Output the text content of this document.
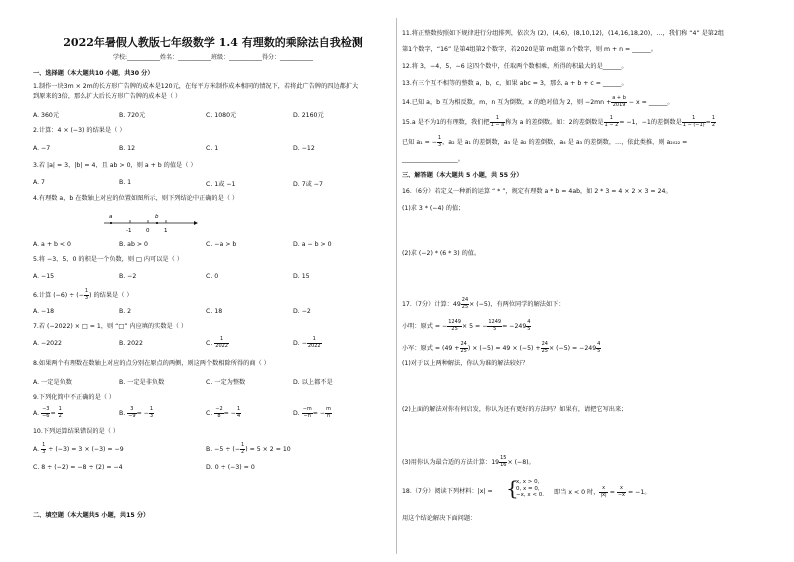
2022年暑假人教版七年级数学 1.4 有理数的乘除法自我检测
学校:___________姓名：___________班级：___________得分：___________
一、选择题（本大题共10 小题，共30 分）
1.制作一块3m × 2m的长方形广告牌的成本是120元，在每平方米制作成本相同的情况下，若将此广告牌的四边都扩大
到原来的3倍，那么扩大后长方形广告牌的成本是（ ）
A. 360元	B. 720元	C. 1080元	D. 2160元
2.计算：4 × (−3) 的结果是（ ）
A. −7	B. 12	C. 1	D. −12
3.若 |a| = 3，|b| = 4，且 ab > 0，则 a + b 的值是（ ）
A. 7	B. 1	C. 1或 −1	D. 7或 −7
4.有理数 a，b 在数轴上对应的位置如图所示，则下列结论中正确的是（ ）
a	b
-1	0	1
A. a + b < 0	B. ab > 0	C. −a > b	D. a − b > 0
5.将 −3、5、0 的积是一个负数，则 □ 内可以是（ ）
A. −15	B. −2	C. 0	D. 15
6.计算 (−6) ÷ (− $\frac{1}{3}$ ) 的结果是（ ）
A. −18	B. 2	C. 18	D. −2
7.若 (−2022) × □ = 1，则 “□” 内应填的实数是（ ）
A. −2022	B. 2022	C. $\frac{1}{2022}$	D. − $\frac{1}{2022}$
8.如果两个有理数在数轴上对应的点分别在原点的两侧，则这两个数相除所得的商（ ）
A. 一定是负数	B. 一定是非负数	C. 一定为整数	D. 以上都不是
9.下列化简中不正确的是（ ）
A. $\frac{-3}{-6} = \frac{1}{2}$	B. $\frac{3}{-9}$ = − $\frac{1}{3}$	C. $\frac{-2}{8}$ = − $\frac{1}{4}$	D. $\frac{-m}{-n}$ = − $\frac{m}{n}$
10.下列运算结果错误的是（ ）
A. $\frac{1}{3} \div (-3) = 3 \times (-3) = -9$	B. −5 ÷ (− $\frac{1}{2}$ ) = 5 × 2 = 10
C. 8 ÷ (−2) = −8 ÷ (2) = −4	D. 0 ÷ (−3) = 0
二、填空题（本大题共5 小题，共15 分）
11.将正整数按照如下规律进行分组排列，依次为 (2)，(4,6)，(8,10,12)，(14,16,18,20)，…，我们称 “4” 是第2组
第1个数字，“16” 是第4组第2个数字，若2020是第 m组第 n个数字，则 m + n = ______。
12.将 3，−4，5，−6 这四个数中，任取两个数相乘，所得的积最大的是______。
13.有三个互不相等的整数 a，b，c，如果 abc = 3，那么 a + b + c = ______。
14.已知 a，b 互为相反数，m，n 互为倒数，x 的绝对值为 2，则 $-2mn + \frac{a + b}{2019} - x$ = ______。
15.a 是不为1的有理数，我们把 $\frac{1}{1 - a}$ 称为 a 的差倒数。如：2的差倒数是 $\frac{1}{1 - 2} = -1$，−1的差倒数是 $\frac{1}{1 - (-1)} = \frac{1}{2}$
已知 a₁ = − $\frac{1}{3}$ ，a₂ 是 a₁ 的差倒数，a₃ 是 a₂ 的差倒数，a₄ 是 a₃ 的差倒数，…，依此类推，则 a₂₀₂₂ =
__________________。
三、解答题（本大题共 5 小题，共 55 分）
16.（6分）若定义一种新的运算 “ * ”，规定有理数 a * b = 4ab，如 2 * 3 = 4 × 2 × 3 = 24。
(1)求 3 * (−4) 的值；
(2)求 (−2) * (6 * 3) 的值。
17.（7分）计算：$49 \frac{24}{25} \times (-5)$，有两位同学的解法如下：
小明：原式 = − $\frac{1249}{25} \times 5$ = − $\frac{1249}{5} = -249 \frac{4}{5}$
小军：原式 = ($49 + \frac{24}{25}$ ) × $(-5) = 49 \times (-5) + \frac{24}{25} \times (-5) = -249 \frac{4}{5}$
(1)对于以上两种解法，你认为谁的解法较好？
(2)上面的解法对你有何启发，你认为还有更好的方法吗？如果有，请把它写出来；
(3)用你认为最合适的方法计算：$19 \frac{15}{16} \times (-8)$。
18.（7分）阅读下列材料：|x| = {
x, x > 0,
0, x = 0,
−x, x < 0. 即当 x < 0 时， $\frac{x}{|x|} = \frac{x}{-x} = -1$。
用这个结论解决下面问题：
